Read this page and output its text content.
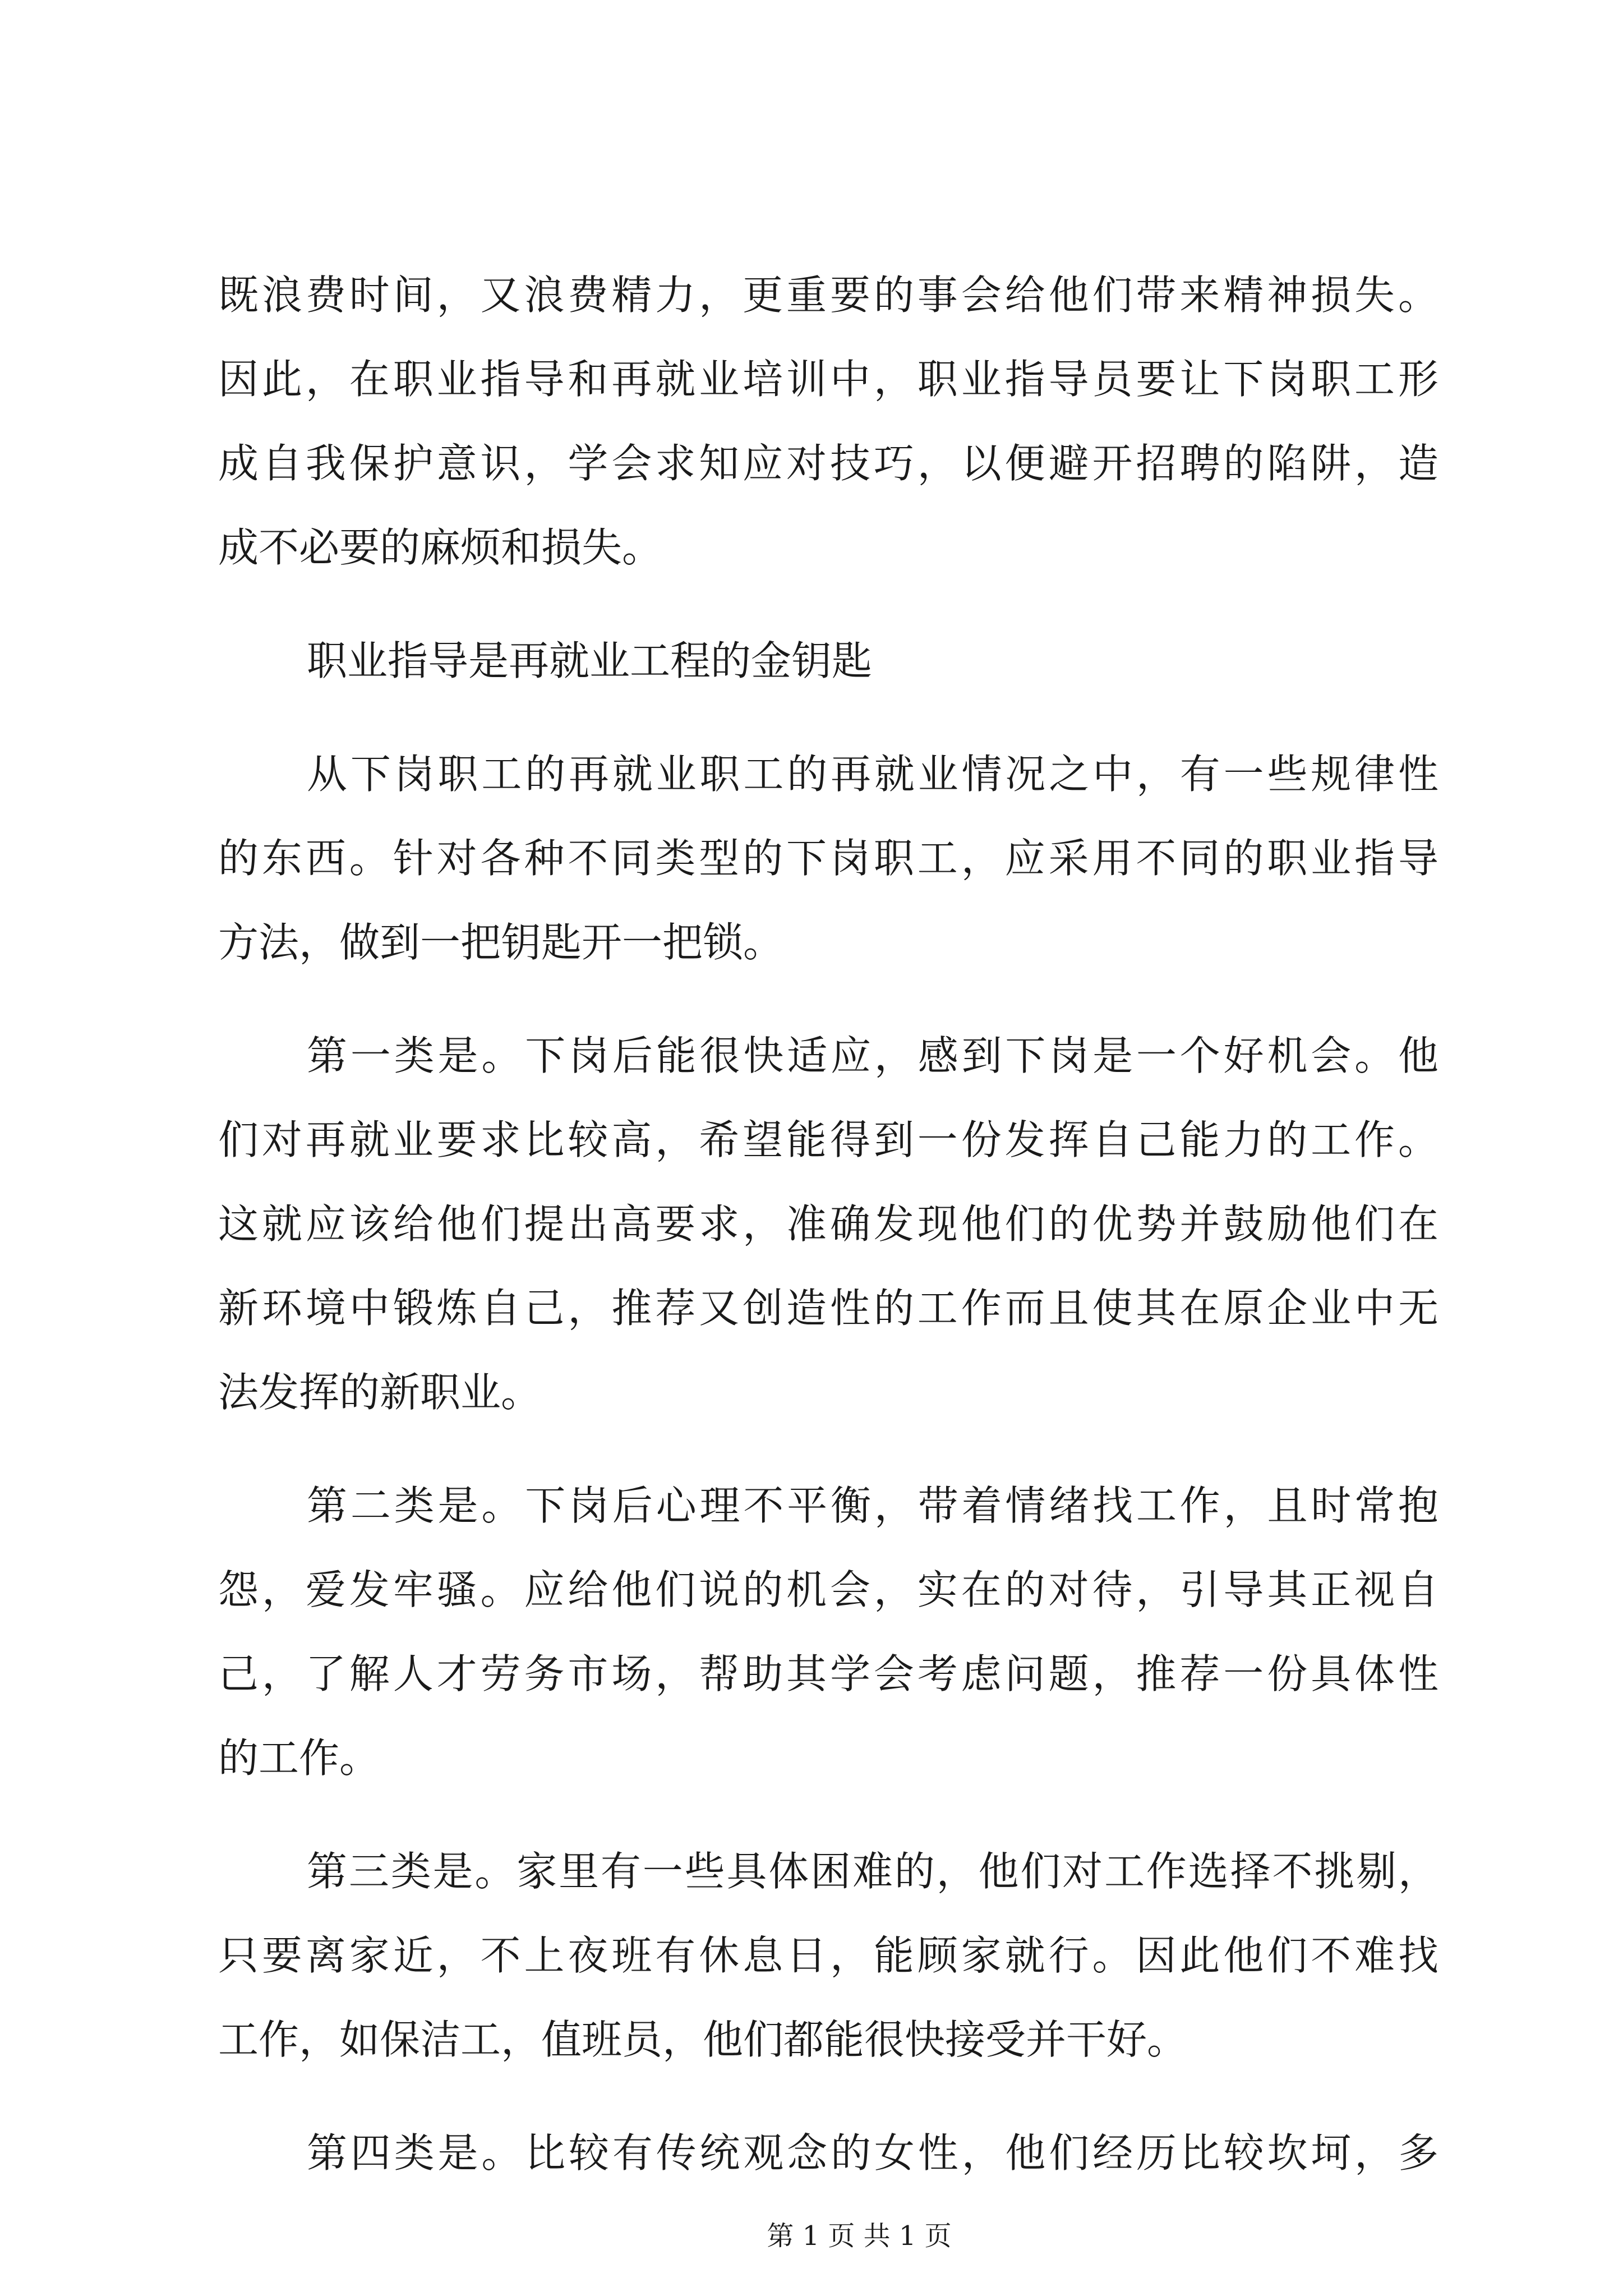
既浪费时间，又浪费精力，更重要的事会给他们带来精神损失。
因此，在职业指导和再就业培训中，职业指导员要让下岗职工形
成自我保护意识，学会求知应对技巧，以便避开招聘的陷阱，造
成不必要的麻烦和损失。
职业指导是再就业工程的金钥匙
从下岗职工的再就业职工的再就业情况之中，有一些规律性
的东西。针对各种不同类型的下岗职工，应采用不同的职业指导
方法，做到一把钥匙开一把锁。
第一类是。下岗后能很快适应，感到下岗是一个好机会。他
们对再就业要求比较高，希望能得到一份发挥自己能力的工作。
这就应该给他们提出高要求，准确发现他们的优势并鼓励他们在
新环境中锻炼自己，推荐又创造性的工作而且使其在原企业中无
法发挥的新职业。
第二类是。下岗后心理不平衡，带着情绪找工作，且时常抱
怨，爱发牢骚。应给他们说的机会，实在的对待，引导其正视自
己，了解人才劳务市场，帮助其学会考虑问题，推荐一份具体性
的工作。
第三类是。家里有一些具体困难的，他们对工作选择不挑剔，
只要离家近，不上夜班有休息日，能顾家就行。因此他们不难找
工作，如保洁工，值班员，他们都能很快接受并干好。
第四类是。比较有传统观念的女性，他们经历比较坎坷，多
第 1 页 共 1 页
